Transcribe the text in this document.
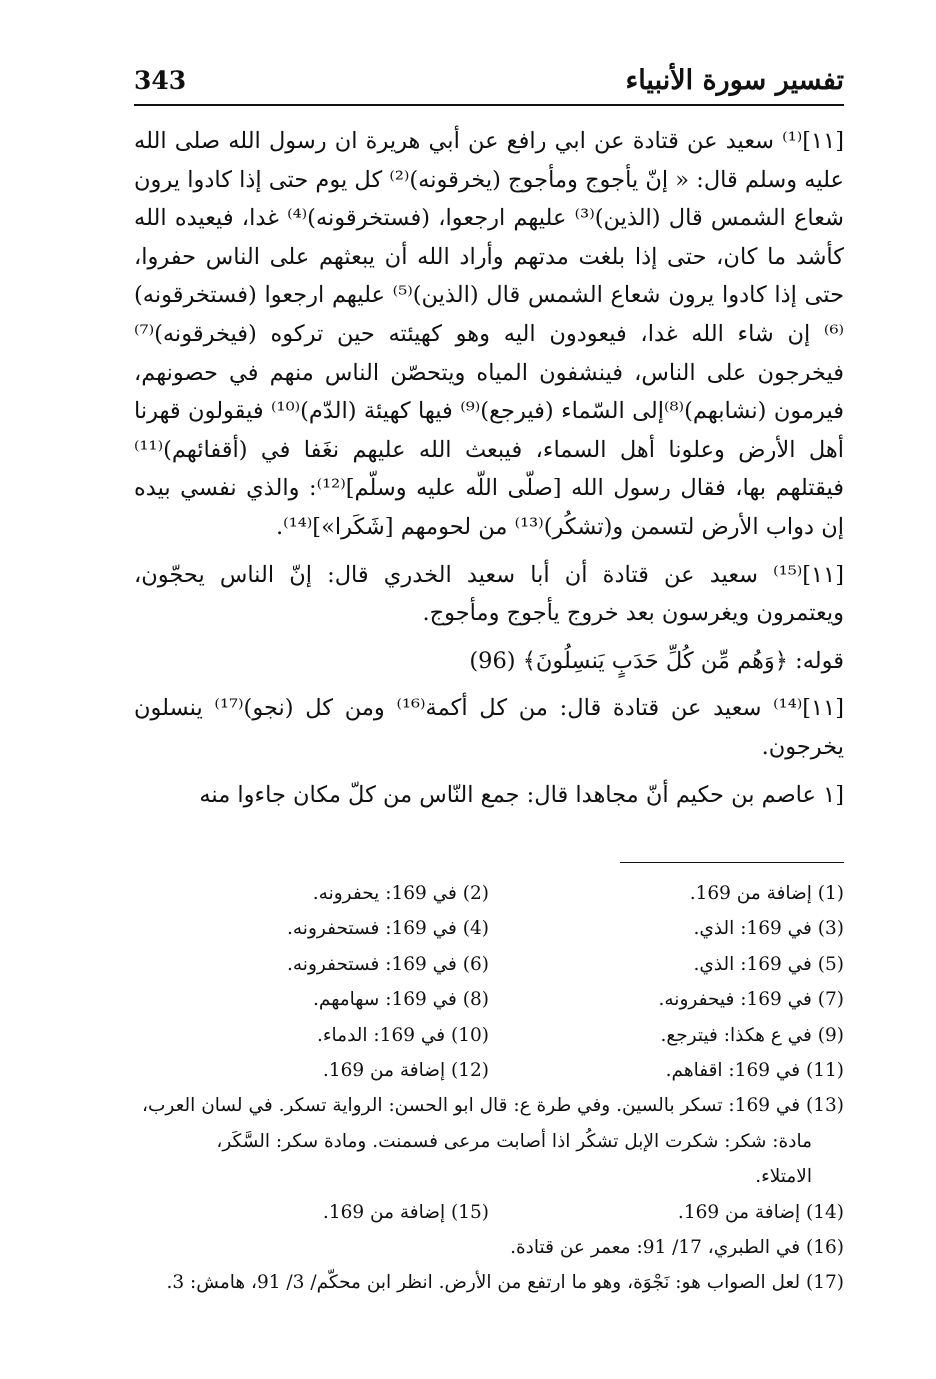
تفسير سورة الأنبياء
343

[١١]⁽¹⁾ سعيد عن قتادة عن ابي رافع عن أبي هريرة ان رسول الله صلى الله عليه وسلم قال: « إنّ يأجوج ومأجوج (يخرقونه)⁽²⁾ كل يوم حتى إذا كادوا يرون شعاع الشمس قال (الذين)⁽³⁾ عليهم ارجعوا، (فستخرقونه)⁽⁴⁾ غدا، فيعيده الله كأشد ما كان، حتى إذا بلغت مدتهم وأراد الله أن يبعثهم على الناس حفروا، حتى إذا كادوا يرون شعاع الشمس قال (الذين)⁽⁵⁾ عليهم ارجعوا (فستخرقونه)⁽⁶⁾ إن شاء الله غدا، فيعودون اليه وهو كهيئته حين تركوه (فيخرقونه)⁽⁷⁾ فيخرجون على الناس، فينشفون المياه ويتحصّن الناس منهم في حصونهم، فيرمون (نشابهم)⁽⁸⁾إلى السّماء (فيرجع)⁽⁹⁾ فيها كهيئة (الدّم)⁽¹⁰⁾ فيقولون قهرنا أهل الأرض وعلونا أهل السماء، فيبعث الله عليهم نغَفا في (أقفائهم)⁽¹¹⁾ فيقتلهم بها، فقال رسول الله [صلّى اللّه عليه وسلّم]⁽¹²⁾: والذي نفسي بيده إن دواب الأرض لتسمن و(تشكُر)⁽¹³⁾ من لحومهم [شَكَرا»]⁽¹⁴⁾.

[١١]⁽¹⁵⁾ سعيد عن قتادة أن أبا سعيد الخدري قال: إنّ الناس يحجّون، ويعتمرون ويغرسون بعد خروج يأجوج ومأجوج.

قوله: ﴿وَهُم مِّن كُلِّ حَدَبٍ يَنسِلُونَ﴾ (96)

[١١]⁽¹⁴⁾ سعيد عن قتادة قال: من كل أكمة⁽¹⁶⁾ ومن كل (نجو)⁽¹⁷⁾ ينسلون يخرجون.

[١ عاصم بن حكيم أنّ مجاهدا قال: جمع النّاس من كلّ مكان جاءوا منه

(1) إضافة من 169.
(2) في 169: يحفرونه.
(3) في 169: الذي.
(4) في 169: فستحفرونه.
(5) في 169: الذي.
(6) في 169: فستحفرونه.
(7) في 169: فيحفرونه.
(8) في 169: سهامهم.
(9) في ع هكذا: فيترجع.
(10) في 169: الدماء.
(11) في 169: اقفاهم.
(12) إضافة من 169.
(13) في 169: تسكر بالسين. وفي طرة ع: قال ابو الحسن: الرواية تسكر. في لسان العرب،
مادة: شكر: شكرت الإبل تشكُر اذا أصابت مرعى فسمنت. ومادة سكر: السَّكَر،
الامتلاء.
(14) إضافة من 169.
(15) إضافة من 169.
(16) في الطبري، 17/ 91: معمر عن قتادة.
(17) لعل الصواب هو: نَجْوَة، وهو ما ارتفع من الأرض. انظر ابن محكّم/ 3/ 91، هامش: 3.
